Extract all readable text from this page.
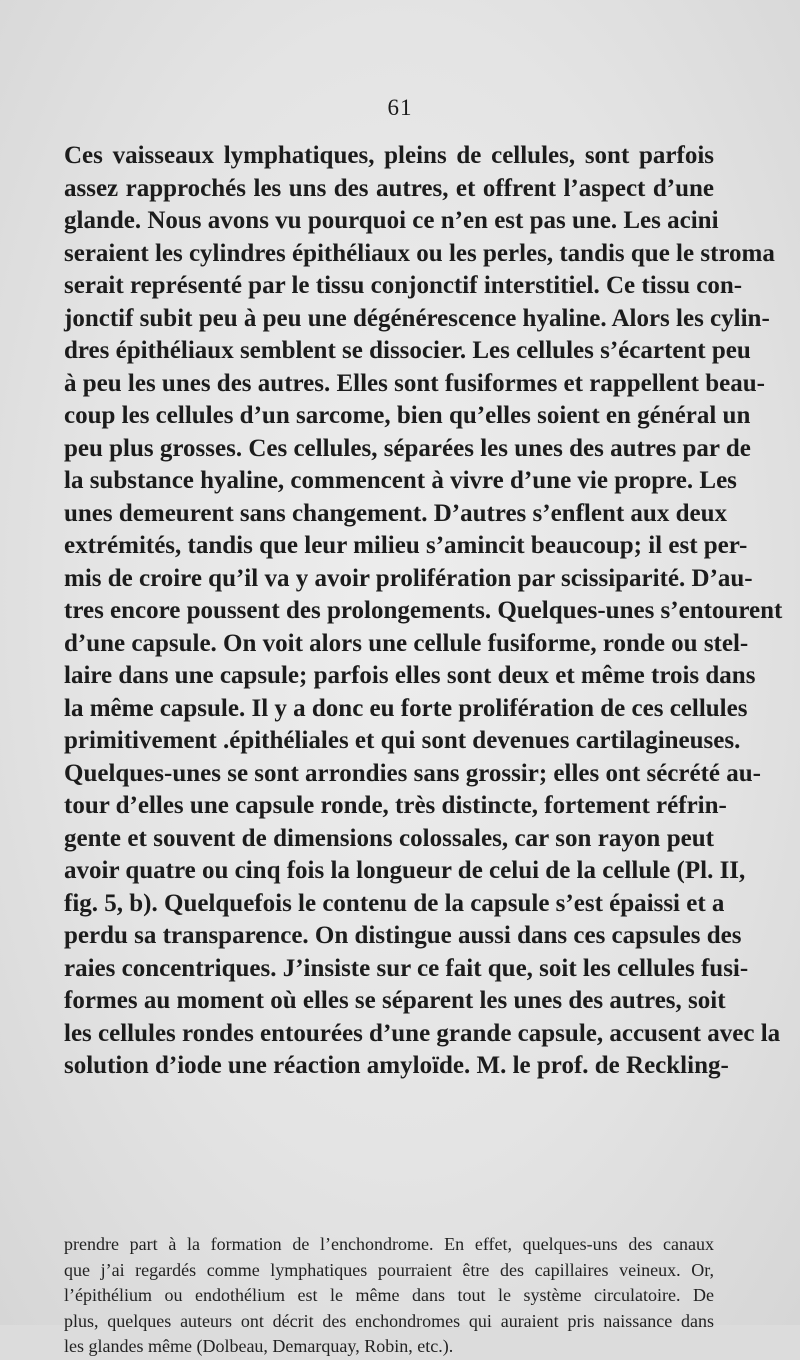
61
Ces vaisseaux lymphatiques, pleins de cellules, sont parfois
assez rapprochés les uns des autres, et offrent l’aspect d’une
glande. Nous avons vu pourquoi ce n’en est pas une. Les acini
seraient les cylindres épithéliaux ou les perles, tandis que le stroma
serait représenté par le tissu conjonctif interstitiel. Ce tissu con-
jonctif subit peu à peu une dégénérescence hyaline. Alors les cylin-
dres épithéliaux semblent se dissocier. Les cellules s’écartent peu
à peu les unes des autres. Elles sont fusiformes et rappellent beau-
coup les cellules d’un sarcome, bien qu’elles soient en général un
peu plus grosses. Ces cellules, séparées les unes des autres par de
la substance hyaline, commencent à vivre d’une vie propre. Les
unes demeurent sans changement. D’autres s’enflent aux deux
extrémités, tandis que leur milieu s’amincit beaucoup; il est per-
mis de croire qu’il va y avoir prolifération par scissiparité. D’au-
tres encore poussent des prolongements. Quelques-unes s’entourent
d’une capsule. On voit alors une cellule fusiforme, ronde ou stel-
laire dans une capsule; parfois elles sont deux et même trois dans
la même capsule. Il y a donc eu forte prolifération de ces cellules
primitivement .épithéliales et qui sont devenues cartilagineuses.
Quelques-unes se sont arrondies sans grossir; elles ont sécrété au-
tour d’elles une capsule ronde, très distincte, fortement réfrin-
gente et souvent de dimensions colossales, car son rayon peut
avoir quatre ou cinq fois la longueur de celui de la cellule (Pl. II,
fig. 5, b). Quelquefois le contenu de la capsule s’est épaissi et a
perdu sa transparence. On distingue aussi dans ces capsules des
raies concentriques. J’insiste sur ce fait que, soit les cellules fusi-
formes au moment où elles se séparent les unes des autres, soit
les cellules rondes entourées d’une grande capsule, accusent avec la
solution d’iode une réaction amyloïde. M. le prof. de Reckling-
prendre part à la formation de l’enchondrome. En effet, quelques-uns des canaux
que j’ai regardés comme lymphatiques pourraient être des capillaires veineux. Or,
l’épithélium ou endothélium est le même dans tout le système circulatoire. De
plus, quelques auteurs ont décrit des enchondromes qui auraient pris naissance dans
les glandes même (Dolbeau, Demarquay, Robin, etc.).
